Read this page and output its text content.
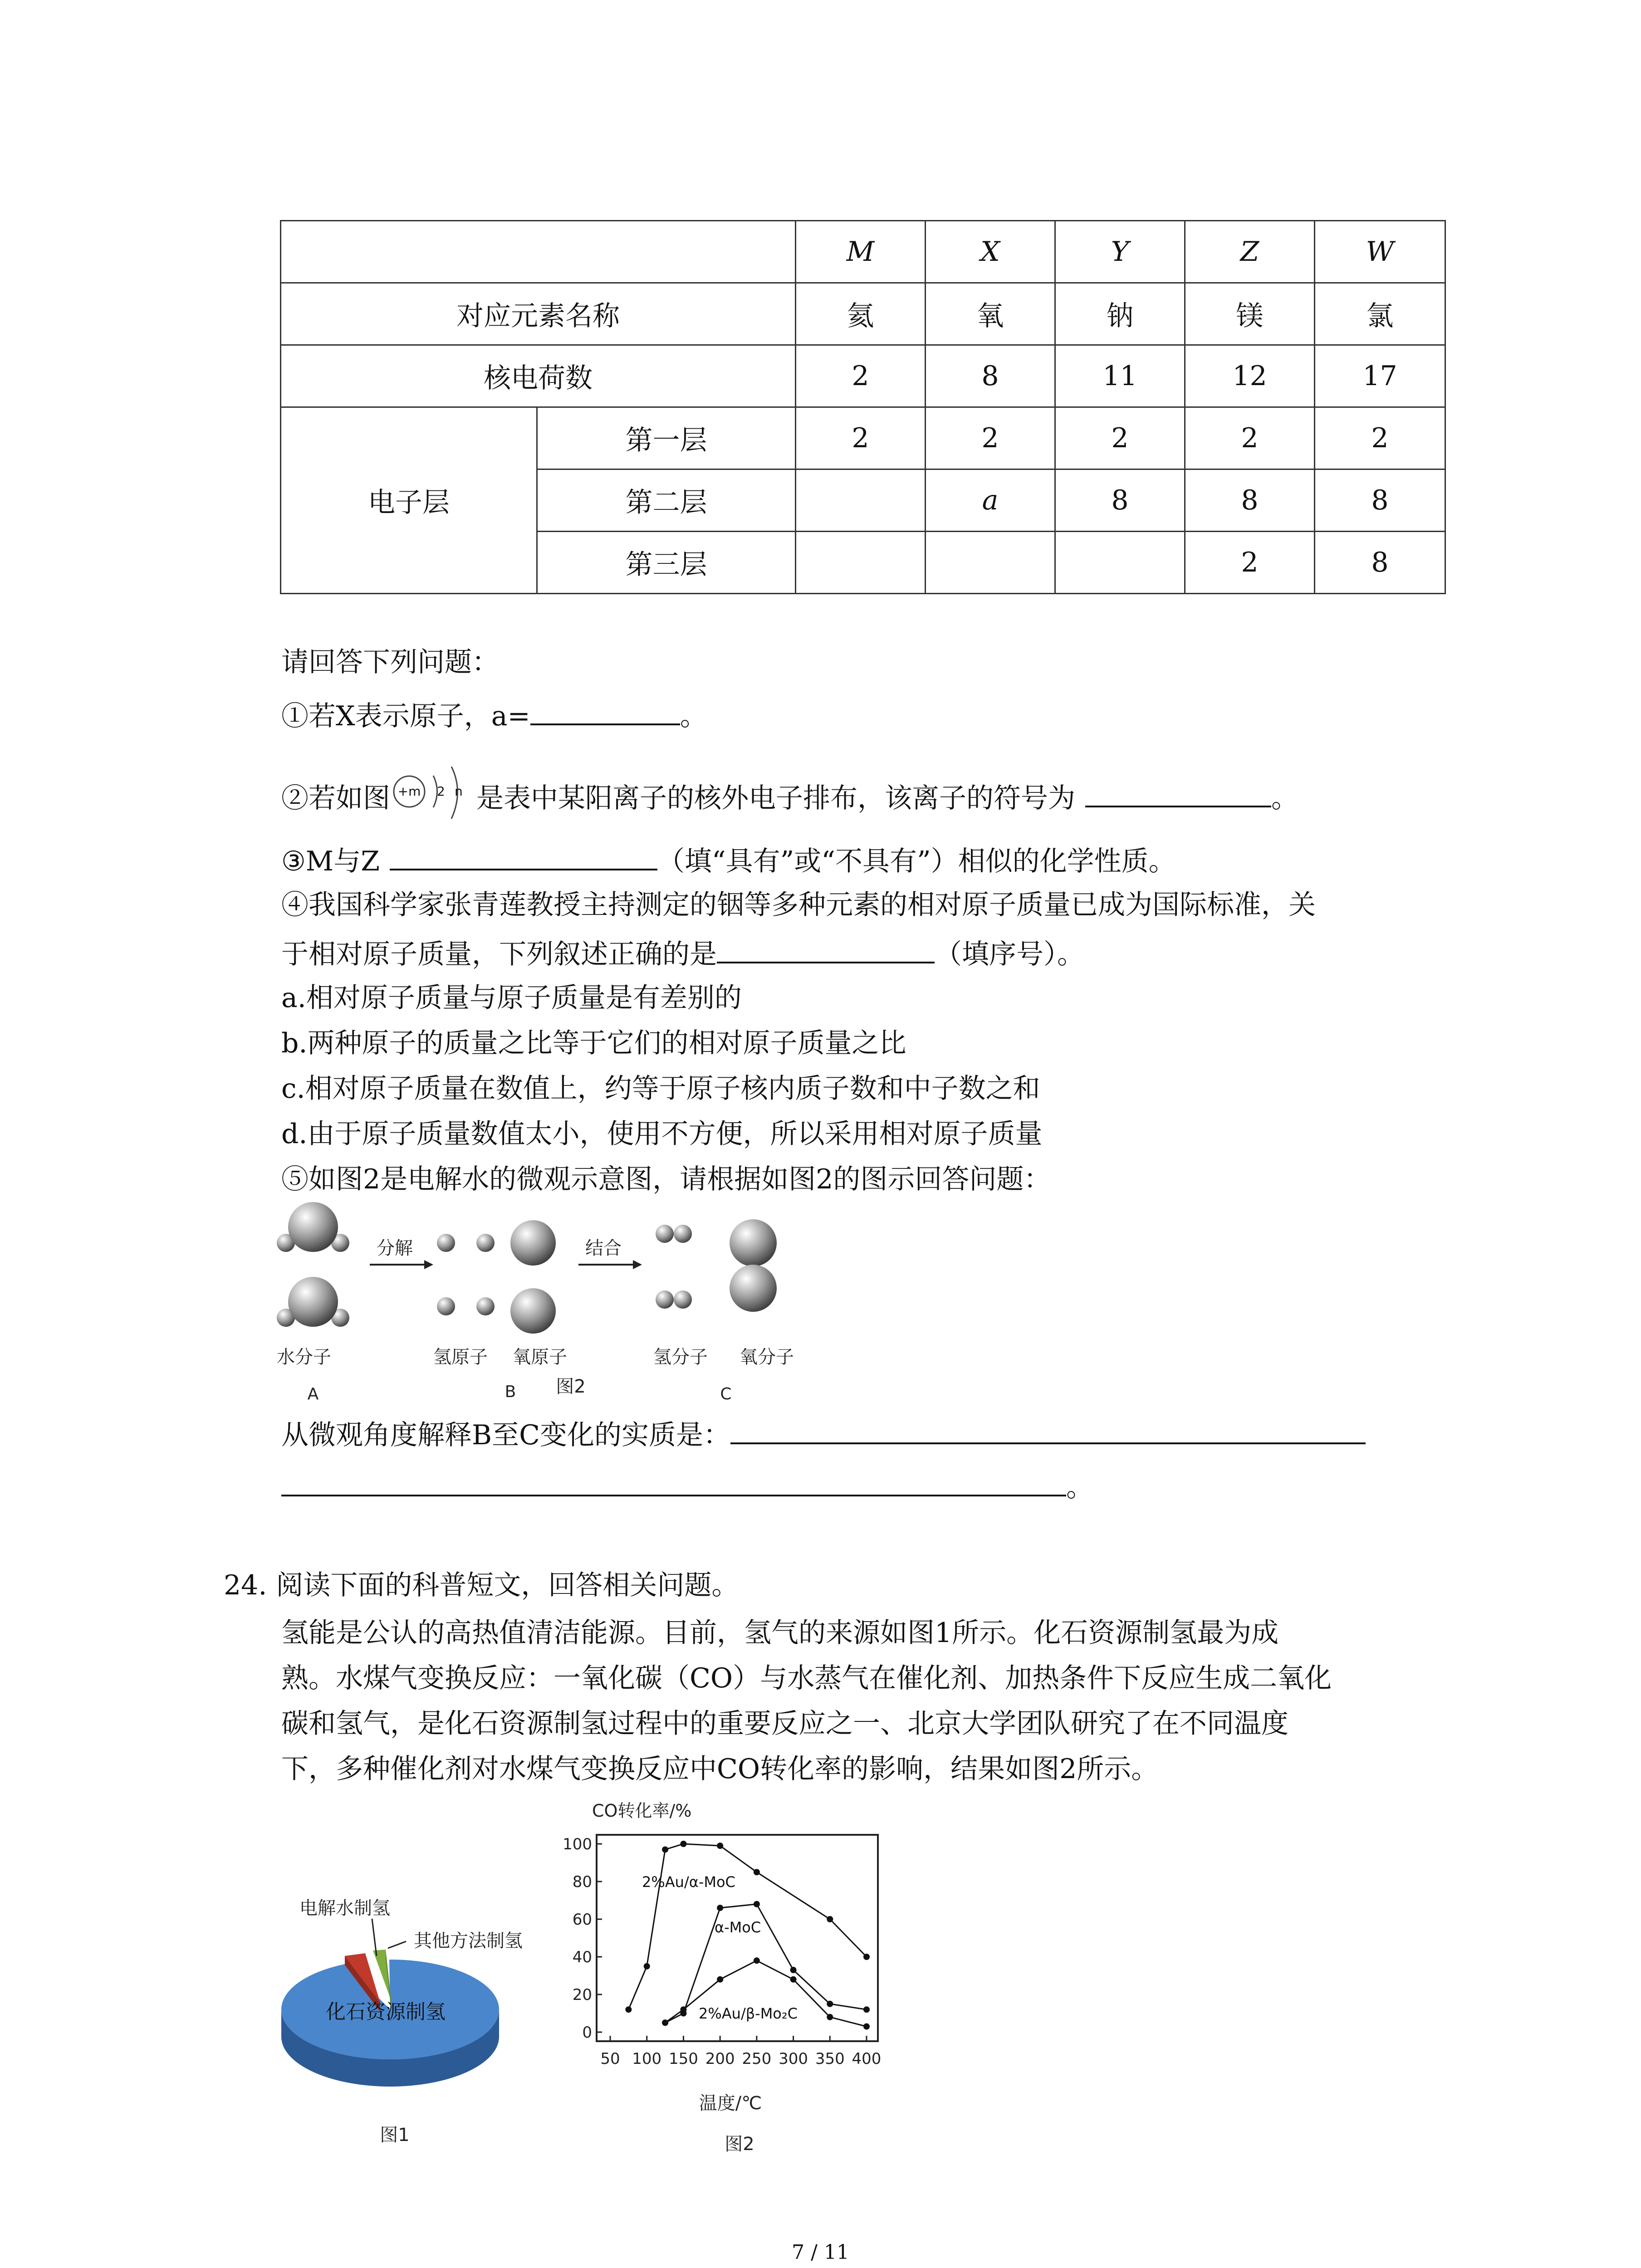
		M	X	Y	Z	W
对应元素名称		氦	氧	钠	镁	氯
核电荷数		2	8	11	12	17
电子层	第一层	2	2	2	2	2
	第二层		a	8	8	8
	第三层				2	8
请回答下列问题：
①若X表示原子，a=	。
②若如图 +m 2 n 是表中某阳离子的核外电子排布，该离子的符号为	。
③M与Z	（填“具有”或“不具有”）相似的化学性质。
④我国科学家张青莲教授主持测定的铟等多种元素的相对原子质量已成为国际标准，关
于相对原子质量，下列叙述正确的是	（填序号）。
a.相对原子质量与原子质量是有差别的
b.两种原子的质量之比等于它们的相对原子质量之比
c.相对原子质量在数值上，约等于原子核内质子数和中子数之和
d.由于原子质量数值太小，使用不方便，所以采用相对原子质量
⑤如图2是电解水的微观示意图，请根据如图2的图示回答问题：
水分子
A
分解
氢原子 氧原子
B 图2
结合
氢分子 氧分子
C
从微观角度解释B至C变化的实质是：
。
24. 阅读下面的科普短文，回答相关问题。
氢能是公认的高热值清洁能源。目前，氢气的来源如图1所示。化石资源制氢最为成
熟。水煤气变换反应：一氧化碳（CO）与水蒸气在催化剂、加热条件下反应生成二氧化
碳和氢气，是化石资源制氢过程中的重要反应之一、北京大学团队研究了在不同温度
下，多种催化剂对水煤气变换反应中CO转化率的影响，结果如图2所示。
电解水制氢
其他方法制氢
化石资源制氢
图1
CO转化率/%
0
20
40
60
80
100
50 100 150 200 250 300 350 400
2%Au/α-MoC
α-MoC
2%Au/β-Mo₂C
温度/℃
图2
7 / 11
